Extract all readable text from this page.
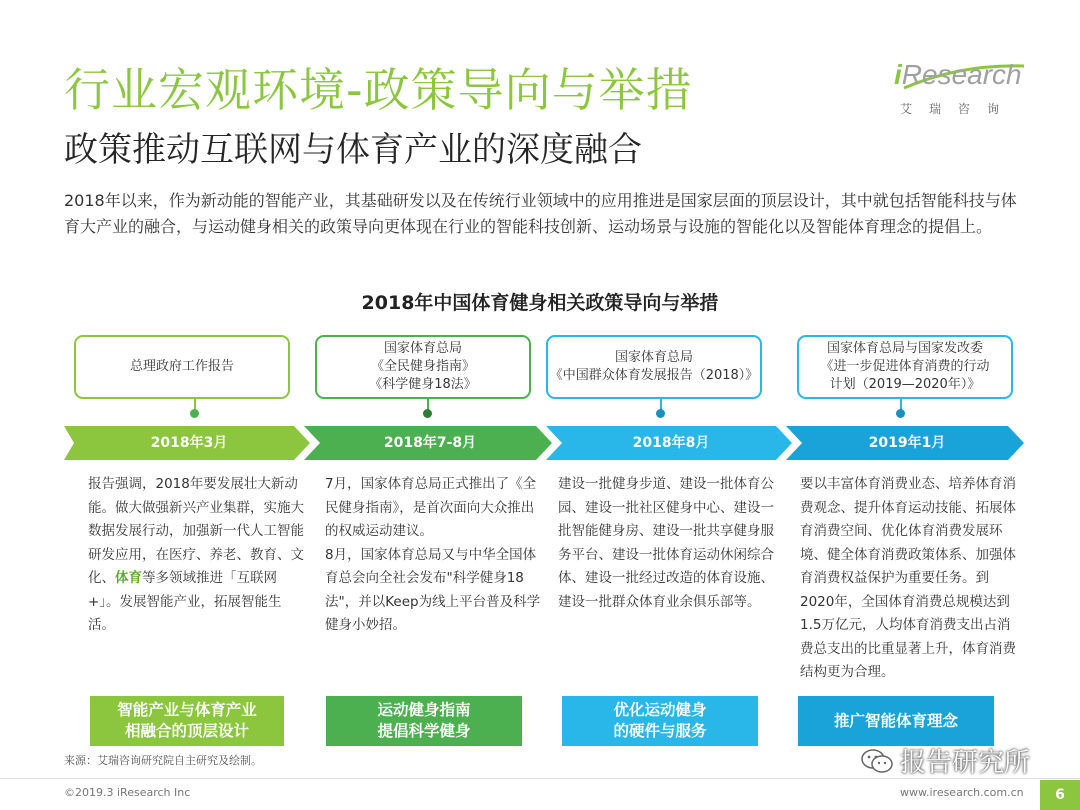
行业宏观环境-政策导向与举措
政策推动互联网与体育产业的深度融合
iResearch
艾瑞咨询
2018年以来，作为新动能的智能产业，其基础研发以及在传统行业领域中的应用推进是国家层面的顶层设计，其中就包括智能科技与体育大产业的融合，与运动健身相关的政策导向更体现在行业的智能科技创新、运动场景与设施的智能化以及智能体育理念的提倡上。
2018年中国体育健身相关政策导向与举措
总理政府工作报告
国家体育总局
《全民健身指南》
《科学健身18法》
国家体育总局
《中国群众体育发展报告（2018）》
国家体育总局与国家发改委
《进一步促进体育消费的行动
计划（2019—2020年）》
2018年3月	2018年7-8月	2018年8月	2019年1月
报告强调，2018年要发展壮大新动能。做大做强新兴产业集群，实施大数据发展行动，加强新一代人工智能研发应用，在医疗、养老、教育、文化、体育等多领域推进「互联网+」。发展智能产业，拓展智能生活。

7月，国家体育总局正式推出了《全民健身指南》，是首次面向大众推出的权威运动建议。

8月，国家体育总局又与中华全国体育总会向全社会发布"科学健身18法"，并以Keep为线上平台普及科学健身小妙招。

建设一批健身步道、建设一批体育公园、建设一批社区健身中心、建设一批智能健身房、建设一批共享健身服务平台、建设一批体育运动休闲综合体、建设一批经过改造的体育设施、建设一批群众体育业余俱乐部等。
要以丰富体育消费业态、培养体育消费观念、提升体育运动技能、拓展体育消费空间、优化体育消费发展环境、健全体育消费政策体系、加强体育消费权益保护为重要任务。到2020年，全国体育消费总规模达到1.5万亿元，人均体育消费支出占消费总支出的比重显著上升，体育消费结构更为合理。
智能产业与体育产业
相融合的顶层设计
运动健身指南
提倡科学健身
优化运动健身
的硬件与服务
推广智能体育理念
来源：艾瑞咨询研究院自主研究及绘制。
©2019.3 iResearch Inc	www.iresearch.com.cn	6
报告研究所
